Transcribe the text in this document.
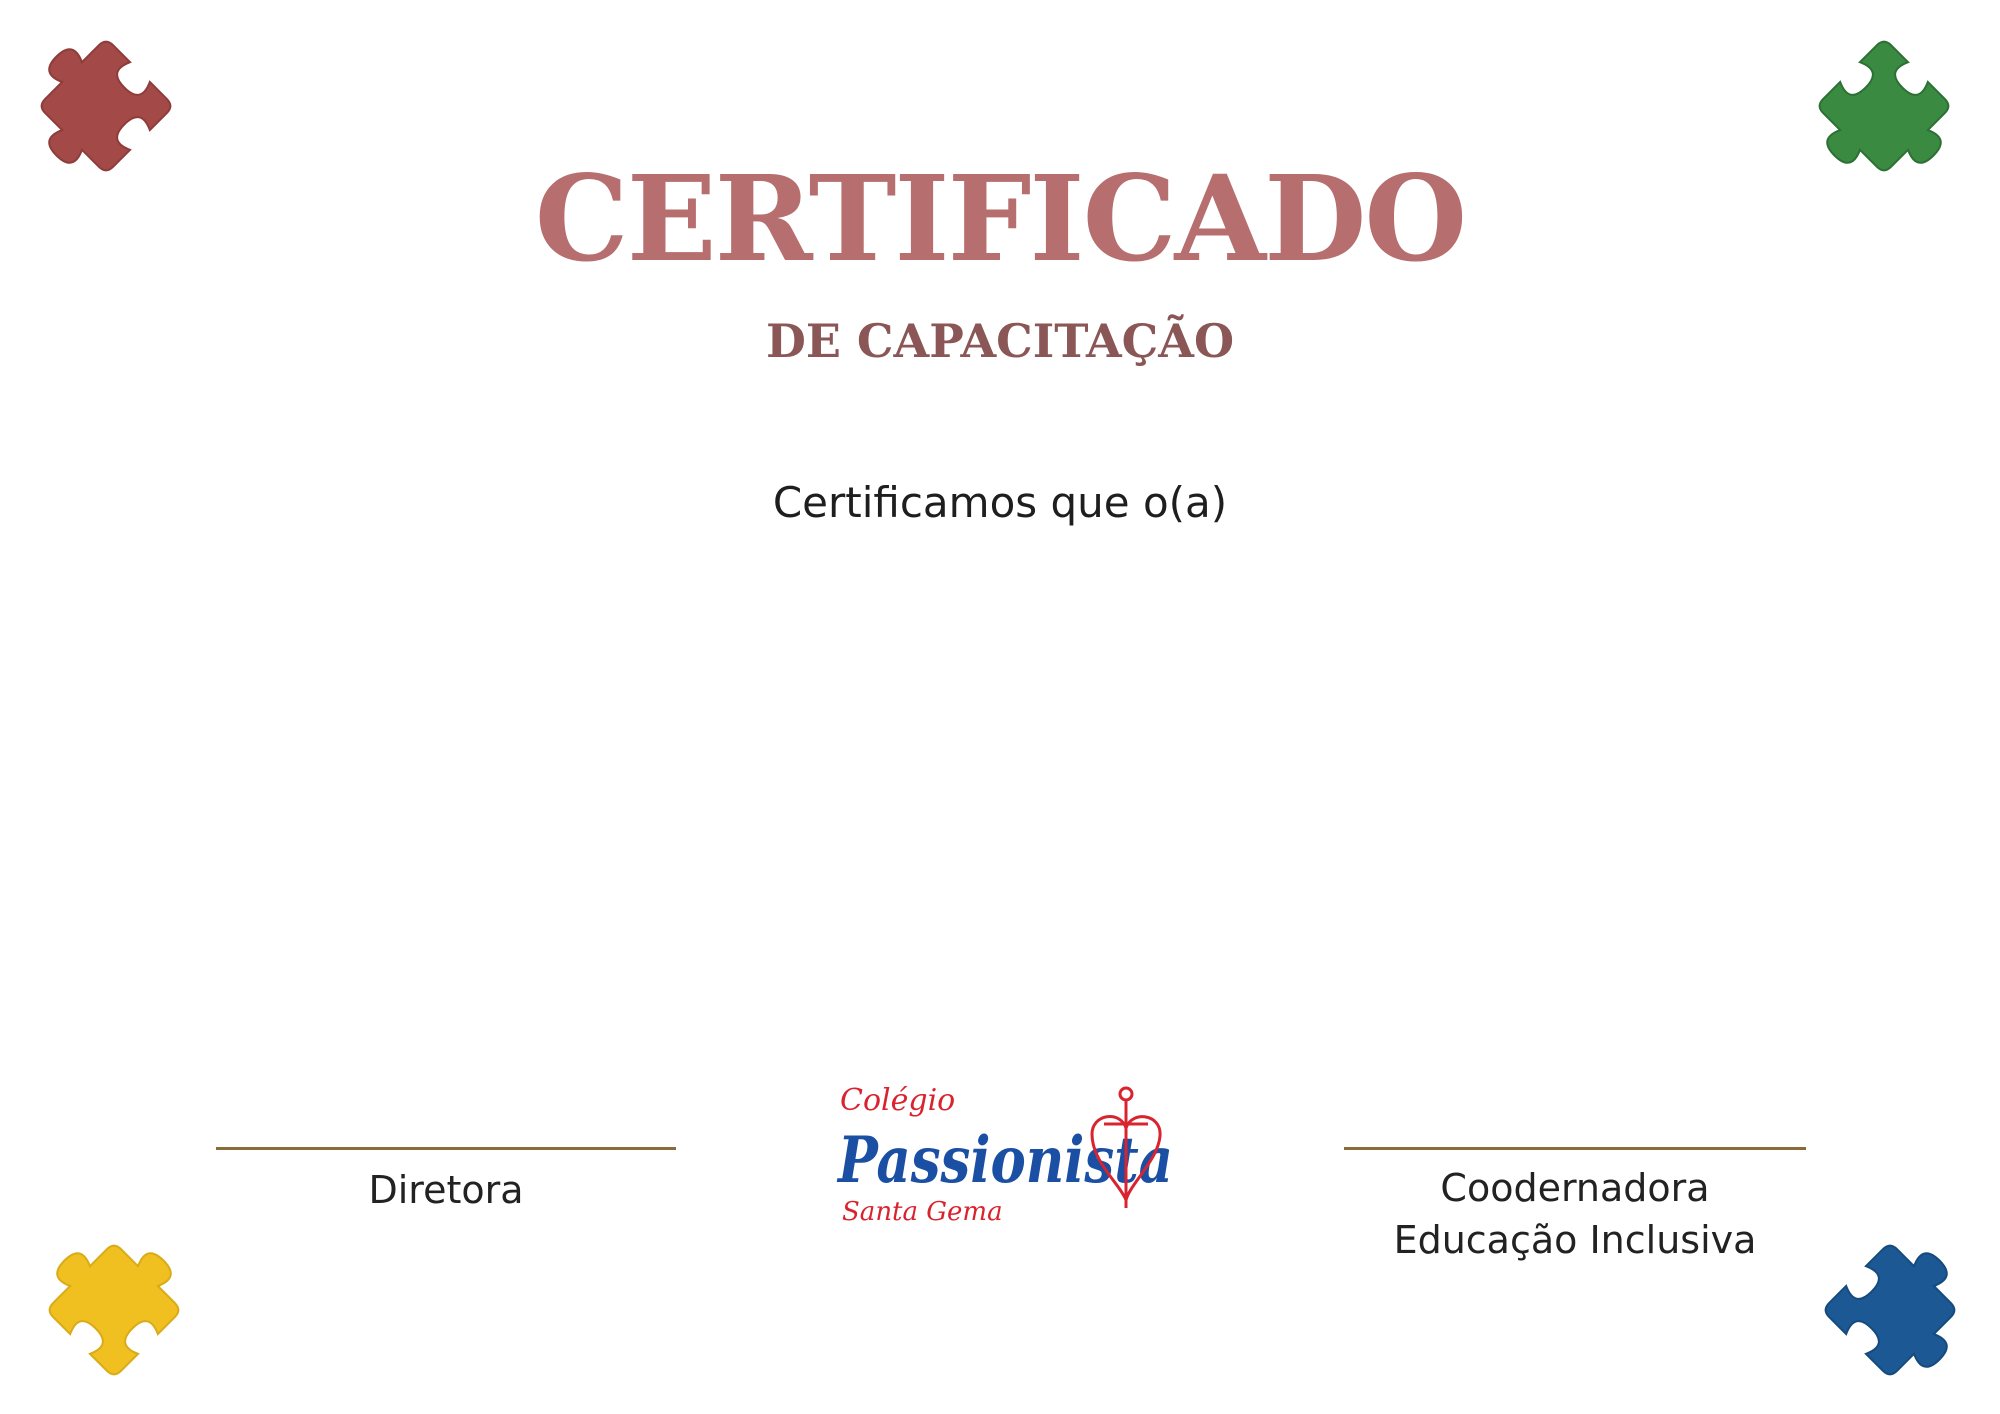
CERTIFICADO
DE CAPACITAÇÃO
Certificamos que o(a)
Diretora	Coodernadora
Educação Inclusiva
Colégio
Passionista
Santa Gema
